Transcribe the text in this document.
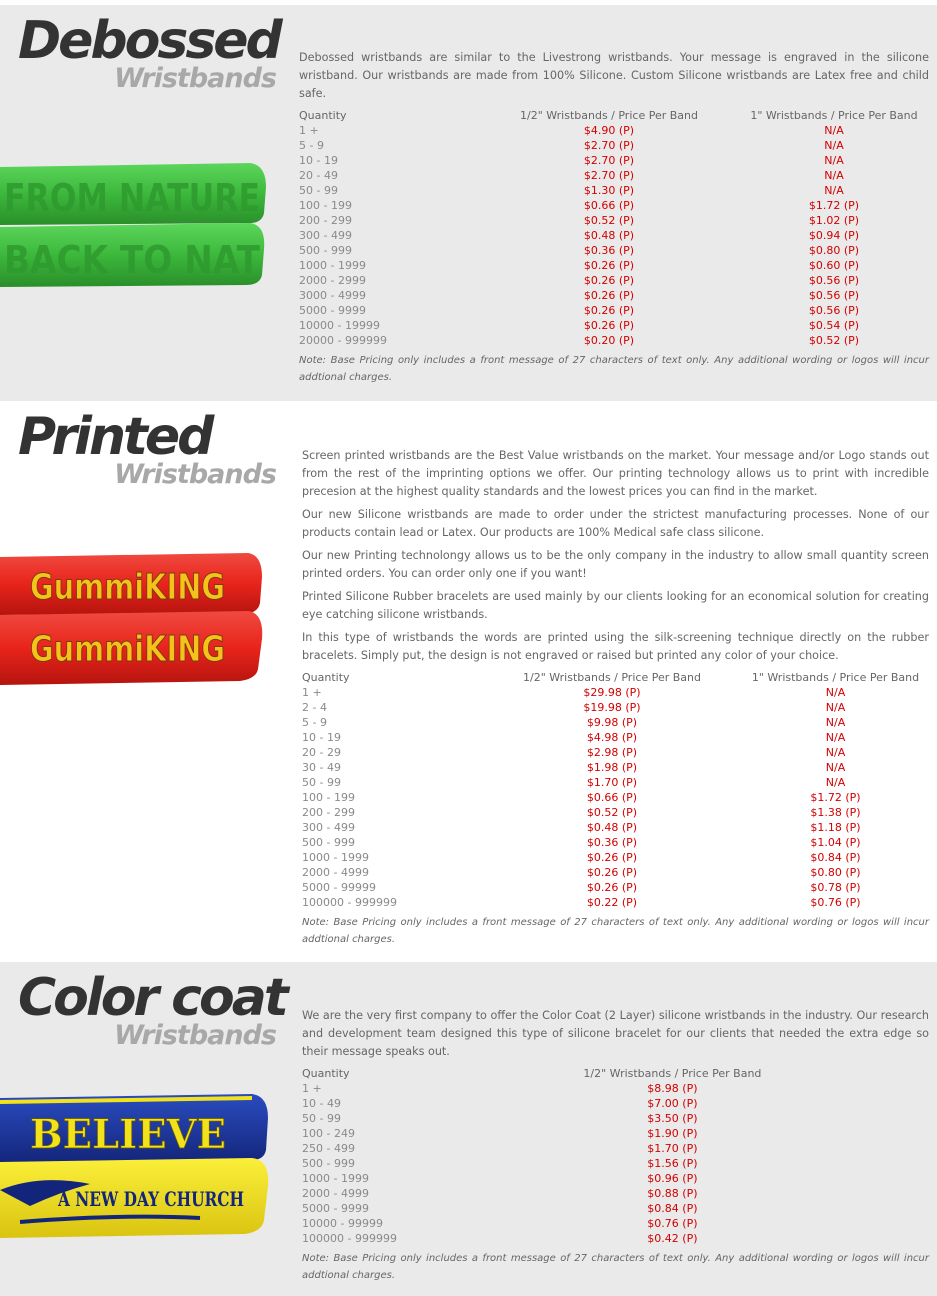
Debossed
Wristbands
FROM NATURE
BACK TO NAT

Debossed wristbands are similar to the Livestrong wristbands. Your message is engraved in the silicone wristband. Our wristbands are made from 100% Silicone. Custom Silicone wristbands are Latex free and child safe.

Quantity	1/2" Wristbands / Price Per Band	1" Wristbands / Price Per Band
1 +	$4.90 (P)	N/A
5 - 9	$2.70 (P)	N/A
10 - 19	$2.70 (P)	N/A
20 - 49	$2.70 (P)	N/A
50 - 99	$1.30 (P)	N/A
100 - 199	$0.66 (P)	$1.72 (P)
200 - 299	$0.52 (P)	$1.02 (P)
300 - 499	$0.48 (P)	$0.94 (P)
500 - 999	$0.36 (P)	$0.80 (P)
1000 - 1999	$0.26 (P)	$0.60 (P)
2000 - 2999	$0.26 (P)	$0.56 (P)
3000 - 4999	$0.26 (P)	$0.56 (P)
5000 - 9999	$0.26 (P)	$0.56 (P)
10000 - 19999	$0.26 (P)	$0.54 (P)
20000 - 999999	$0.20 (P)	$0.52 (P)

Note: Base Pricing only includes a front message of 27 characters of text only. Any additional wording or logos will incur addtional charges.

Printed
Wristbands
GummiKING
GummiKING

Screen printed wristbands are the Best Value wristbands on the market. Your message and/or Logo stands out from the rest of the imprinting options we offer. Our printing technology allows us to print with incredible precesion at the highest quality standards and the lowest prices you can find in the market.

Our new Silicone wristbands are made to order under the strictest manufacturing processes. None of our products contain lead or Latex. Our products are 100% Medical safe class silicone.

Our new Printing technolongy allows us to be the only company in the industry to allow small quantity screen printed orders. You can order only one if you want!

Printed Silicone Rubber bracelets are used mainly by our clients looking for an economical solution for creating eye catching silicone wristbands.

In this type of wristbands the words are printed using the silk-screening technique directly on the rubber bracelets. Simply put, the design is not engraved or raised but printed any color of your choice.

Quantity	1/2" Wristbands / Price Per Band	1" Wristbands / Price Per Band
1 +	$29.98 (P)	N/A
2 - 4	$19.98 (P)	N/A
5 - 9	$9.98 (P)	N/A
10 - 19	$4.98 (P)	N/A
20 - 29	$2.98 (P)	N/A
30 - 49	$1.98 (P)	N/A
50 - 99	$1.70 (P)	N/A
100 - 199	$0.66 (P)	$1.72 (P)
200 - 299	$0.52 (P)	$1.38 (P)
300 - 499	$0.48 (P)	$1.18 (P)
500 - 999	$0.36 (P)	$1.04 (P)
1000 - 1999	$0.26 (P)	$0.84 (P)
2000 - 4999	$0.26 (P)	$0.80 (P)
5000 - 99999	$0.26 (P)	$0.78 (P)
100000 - 999999	$0.22 (P)	$0.76 (P)

Note: Base Pricing only includes a front message of 27 characters of text only. Any additional wording or logos will incur addtional charges.

Color coat
Wristbands
BELIEVE
A NEW DAY CHURCH

We are the very first company to offer the Color Coat (2 Layer) silicone wristbands in the industry. Our research and development team designed this type of silicone bracelet for our clients that needed the extra edge so their message speaks out.

Quantity	1/2" Wristbands / Price Per Band
1 +	$8.98 (P)
10 - 49	$7.00 (P)
50 - 99	$3.50 (P)
100 - 249	$1.90 (P)
250 - 499	$1.70 (P)
500 - 999	$1.56 (P)
1000 - 1999	$0.96 (P)
2000 - 4999	$0.88 (P)
5000 - 9999	$0.84 (P)
10000 - 99999	$0.76 (P)
100000 - 999999	$0.42 (P)

Note: Base Pricing only includes a front message of 27 characters of text only. Any additional wording or logos will incur addtional charges.
